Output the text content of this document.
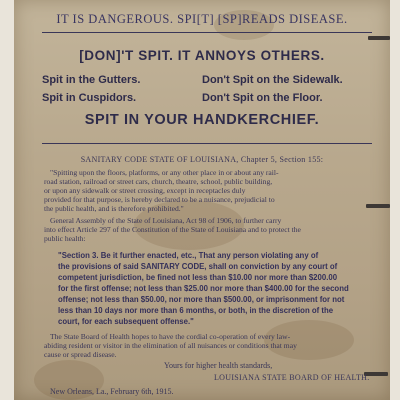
IT IS DANGEROUS. SPI[T] [SP]READS DISEASE.
[DON]'T SPIT. IT ANNOYS OTHERS.
Spit in the Gutters.
Spit in Cuspidors.
Don't Spit on the Sidewalk.
Don't Spit on the Floor.
SPIT IN YOUR HANDKERCHIEF.
SANITARY CODE STATE OF LOUISIANA, Chapter 5, Section 155:
"Spitting upon the floors, platforms, or any other place in or about any rail-
road station, railroad or street cars, church, theatre, school, public building,
or upon any sidewalk or street crossing, except in receptacles duly
provided for that purpose, is hereby declared to be a nuisance, prejudicial to
the public health, and is therefore prohibited."
General Assembly of the State of Louisiana, Act 98 of 1906, to further carry
into effect Article 297 of the Constitution of the State of Louisiana and to protect the
public health:
"Section 3. Be it further enacted, etc., That any person violating any of
the provisions of said SANITARY CODE, shall on conviction by any court of
competent jurisdiction, be fined not less than $10.00 nor more than $200.00
for the first offense; not less than $25.00 nor more than $400.00 for the second
offense; not less than $50.00, nor more than $500.00, or imprisonment for not
less than 10 days nor more than 6 months, or both, in the discretion of the
court, for each subsequent offense."
The State Board of Health hopes to have the cordial co-operation of every law-
abiding resident or visitor in the elimination of all nuisances or conditions that may
cause or spread disease.
Yours for higher health standards,
LOUISIANA STATE BOARD OF HEALTH.
New Orleans, La., February 6th, 1915.
